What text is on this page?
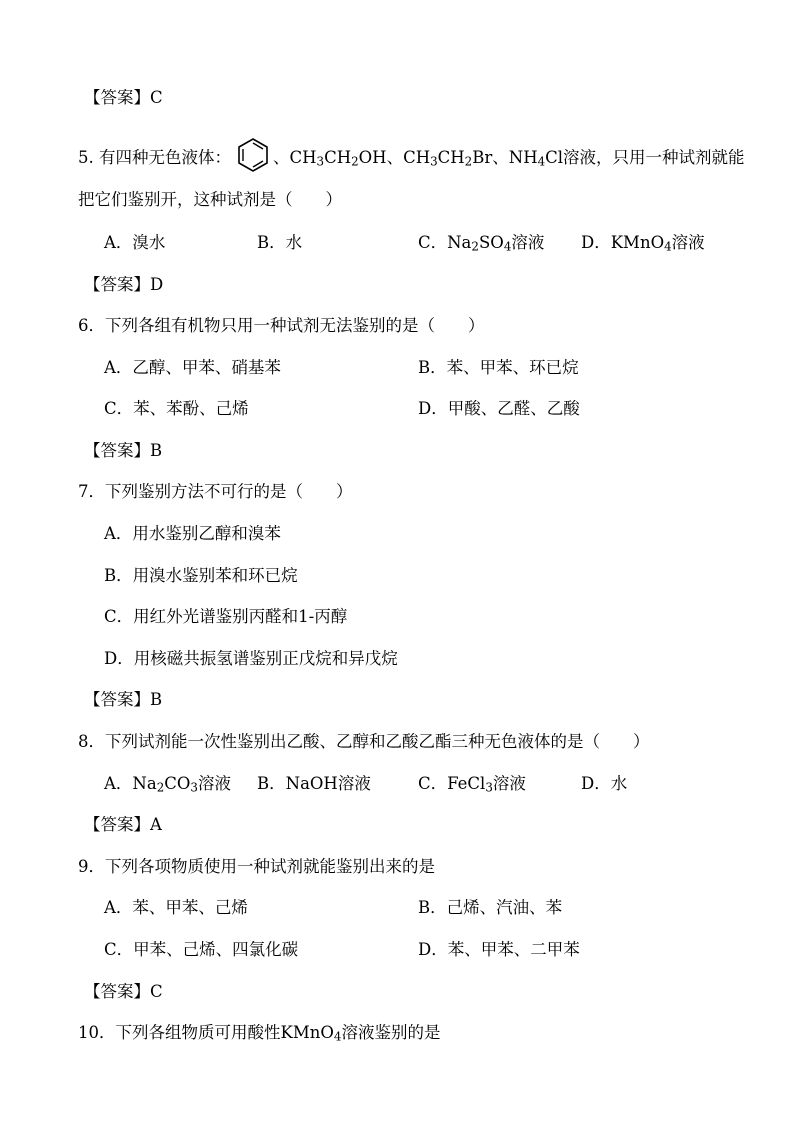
【答案】C

5. 有四种无色液体：	、$CH_3CH_2OH$、$CH_3CH_2Br$、$NH_4Cl$溶液，只用一种试剂就能

把它们鉴别开，这种试剂是（　　）

A．溴水	B．水	C．$Na_2SO_4$溶液 D．KMnO$_4$溶液

【答案】D

6．下列各组有机物只用一种试剂无法鉴别的是（　　）

A．乙醇、甲苯、硝基苯	B．苯、甲苯、环已烷
C．苯、苯酚、己烯	D．甲酸、乙醛、乙酸

【答案】B

7．下列鉴别方法不可行的是（　　）

A．用水鉴别乙醇和溴苯
B．用溴水鉴别苯和环已烷
C．用红外光谱鉴别丙醛和1-丙醇
D．用核磁共振氢谱鉴别正戊烷和异戊烷

【答案】B

8．下列试剂能一次性鉴别出乙酸、乙醇和乙酸乙酯三种无色液体的是（　　）

A．$Na_2CO_3$溶液 B．NaOH溶液	C．FeCl$_3$溶液	D．水

【答案】A

9．下列各项物质使用一种试剂就能鉴别出来的是

A．苯、甲苯、己烯	B．己烯、汽油、苯
C．甲苯、己烯、四氯化碳	D．苯、甲苯、二甲苯

【答案】C

10．下列各组物质可用酸性KMnO$_4$溶液鉴别的是
